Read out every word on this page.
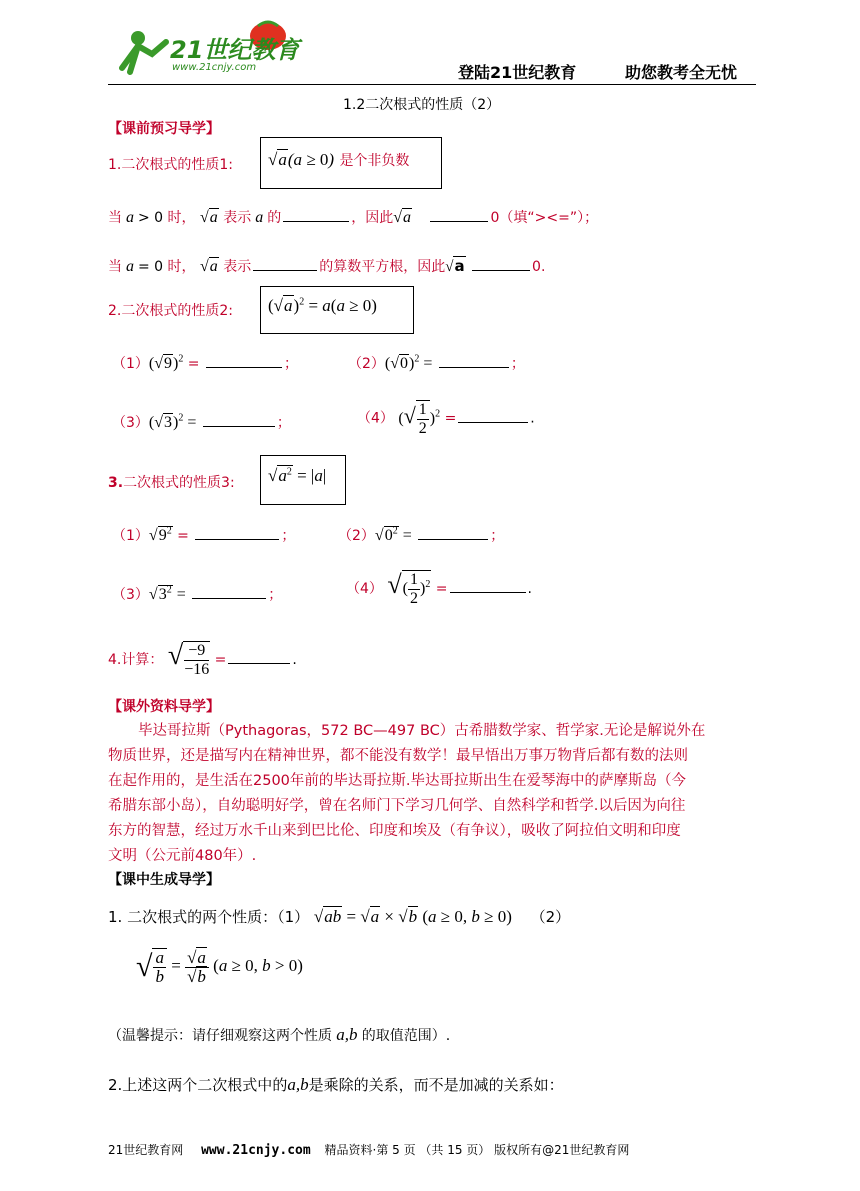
21世纪教育
www.21cnjy.com	登陆21世纪教育	助您教考全无忧
1.2二次根式的性质（2）
【课前预习导学】
1.二次根式的性质1: √a(a ≥ 0) 是个非负数
当 a > 0 时， √a 表示 a 的	，因此√a	0（填“><=”）；
当 a = 0 时， √a 表示	的算数平方根，因此√a	0.
2.二次根式的性质2: $(√a)^2 = a(a \ge 0)$
$(1)(√9)^2$ =	；	$(2)(√0)^2$ =	；
$(3)(√3)^2$ =	；	（4） (√ $\frac{1}{2} )^2$ =	.
3.二次根式的性质3: $√a^2 = |a|$
$(1)√9^2$ =	；	$(2)√0^2$ =	；
$(3)√3^2$ =	；	（4） √( $\frac{1}{2} )^2$ =	.
4.计算： √ $\frac{-9}{-16}$ =	.
【课外资料导学】
毕达哥拉斯（Pythagoras，572 BC—497 BC）古希腊数学家、哲学家.无论是解说外在
物质世界，还是描写内在精神世界，都不能没有数学！最早悟出万事万物背后都有数的法则
在起作用的，是生活在2500年前的毕达哥拉斯.毕达哥拉斯出生在爱琴海中的萨摩斯岛（今
希腊东部小岛），自幼聪明好学，曾在名师门下学习几何学、自然科学和哲学.以后因为向往
东方的智慧，经过万水千山来到巴比伦、印度和埃及（有争议），吸收了阿拉伯文明和印度
文明（公元前480年）.
【课中生成导学】
1. 二次根式的两个性质：（1） √ab = √a × √b (a ≥ 0, b ≥ 0) （2）
√ $\frac{a}{b} = \frac{√a}{√b} (a \ge 0$, b > 0)
（温馨提示：请仔细观察这两个性质 a,b 的取值范围）.
2.上述这两个二次根式中的a,b是乘除的关系，而不是加减的关系如：
21世纪教育网 www.21cnjy.com 精品资料·第 5 页 （共 15 页） 版权所有@21世纪教育网
